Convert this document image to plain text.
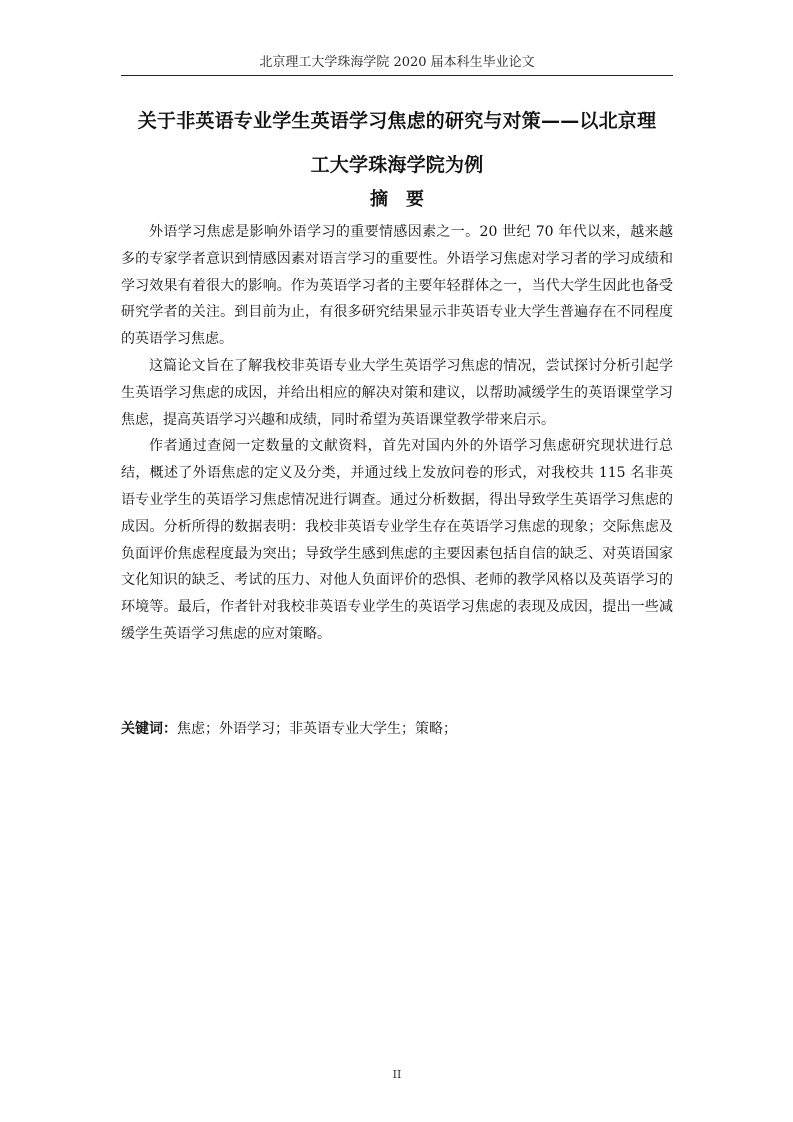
北京理工大学珠海学院 2020 届本科生毕业论文
关于非英语专业学生英语学习焦虑的研究与对策——以北京理
工大学珠海学院为例
摘要

外语学习焦虑是影响外语学习的重要情感因素之一。20 世纪 70 年代以来，越来越多的专家学者意识到情感因素对语言学习的重要性。外语学习焦虑对学习者的学习成绩和学习效果有着很大的影响。作为英语学习者的主要年轻群体之一，当代大学生因此也备受研究学者的关注。到目前为止，有很多研究结果显示非英语专业大学生普遍存在不同程度的英语学习焦虑。

这篇论文旨在了解我校非英语专业大学生英语学习焦虑的情况，尝试探讨分析引起学生英语学习焦虑的成因，并给出相应的解决对策和建议，以帮助减缓学生的英语课堂学习焦虑，提高英语学习兴趣和成绩，同时希望为英语课堂教学带来启示。

作者通过查阅一定数量的文献资料，首先对国内外的外语学习焦虑研究现状进行总结，概述了外语焦虑的定义及分类，并通过线上发放问卷的形式，对我校共 115 名非英语专业学生的英语学习焦虑情况进行调查。通过分析数据，得出导致学生英语学习焦虑的成因。分析所得的数据表明：我校非英语专业学生存在英语学习焦虑的现象；交际焦虑及负面评价焦虑程度最为突出；导致学生感到焦虑的主要因素包括自信的缺乏、对英语国家文化知识的缺乏、考试的压力、对他人负面评价的恐惧、老师的教学风格以及英语学习的环境等。最后，作者针对我校非英语专业学生的英语学习焦虑的表现及成因，提出一些减缓学生英语学习焦虑的应对策略。

关键词：焦虑；外语学习；非英语专业大学生；策略；
II
